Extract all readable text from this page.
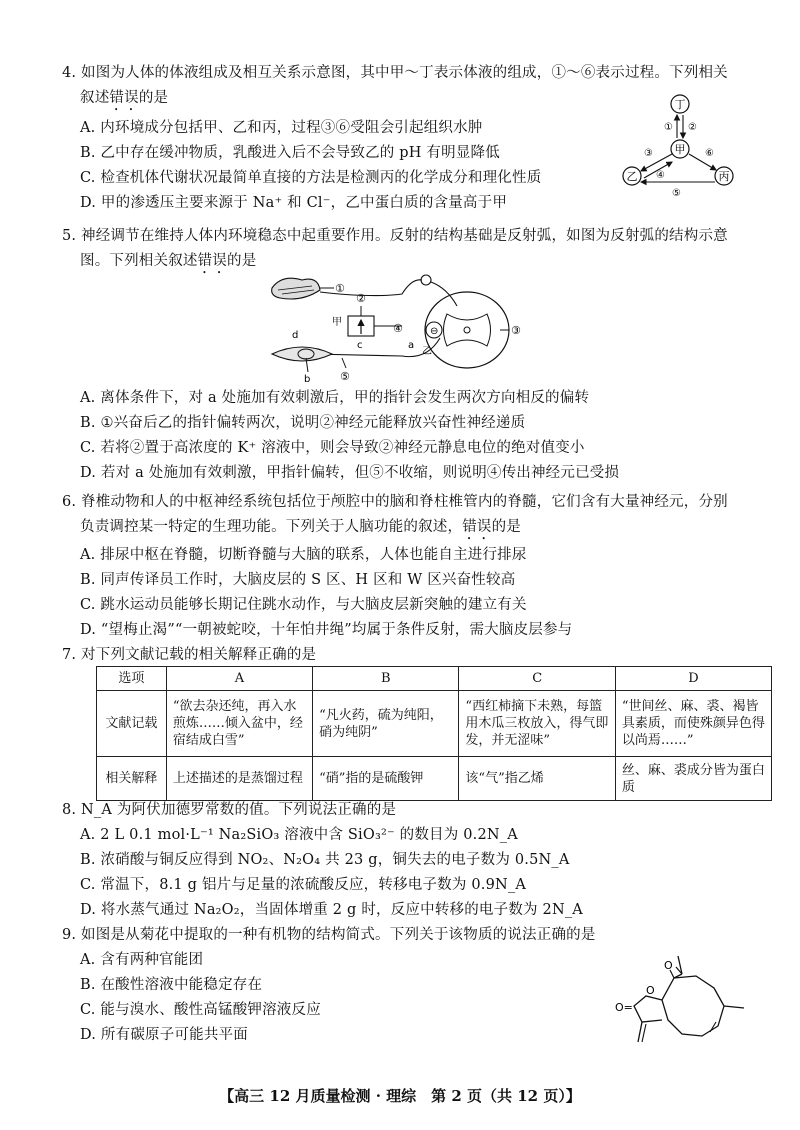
4. 如图为人体的体液组成及相互关系示意图，其中甲～丁表示体液的组成，①～⑥表示过程。下列相关
叙述错误的是
A. 内环境成分包括甲、乙和丙，过程③⑥受阻会引起组织水肿
B. 乙中存在缓冲物质，乳酸进入后不会导致乙的 pH 有明显降低
C. 检查机体代谢状况最简单直接的方法是检测丙的化学成分和理化性质
D. 甲的渗透压主要来源于 Na⁺ 和 Cl⁻，乙中蛋白质的含量高于甲
丁
甲
乙	丙
① ②
③
④
⑥
⑤
5. 神经调节在维持人体内环境稳态中起重要作用。反射的结构基础是反射弧，如图为反射弧的结构示意
图。下列相关叙述错误的是
①
③
⊖
乙
甲
②
④
c	a
d
b	⑤
A. 离体条件下，对 a 处施加有效刺激后，甲的指针会发生两次方向相反的偏转
B. ①兴奋后乙的指针偏转两次，说明②神经元能释放兴奋性神经递质
C. 若将②置于高浓度的 K⁺ 溶液中，则会导致②神经元静息电位的绝对值变小
D. 若对 a 处施加有效刺激，甲指针偏转，但⑤不收缩，则说明④传出神经元已受损
6. 脊椎动物和人的中枢神经系统包括位于颅腔中的脑和脊柱椎管内的脊髓，它们含有大量神经元，分别
负责调控某一特定的生理功能。下列关于人脑功能的叙述，错误的是
A. 排尿中枢在脊髓，切断脊髓与大脑的联系，人体也能自主进行排尿
B. 同声传译员工作时，大脑皮层的 S 区、H 区和 W 区兴奋性较高
C. 跳水运动员能够长期记住跳水动作，与大脑皮层新突触的建立有关
D. “望梅止渴”“一朝被蛇咬，十年怕井绳”均属于条件反射，需大脑皮层参与
7. 对下列文献记载的相关解释正确的是
选项	A	B	C	D
文献记载	“欲去杂还纯，再入水煎炼……倾入盆中，经宿结成白雪”	“凡火药，硫为纯阳，硝为纯阴”	“西红柿摘下未熟，每篮用木瓜三枚放入，得气即发，并无涩味”	“世间丝、麻、裘、褐皆具素质，而使殊颜异色得以尚焉……”
相关解释	上述描述的是蒸馏过程	“硝”指的是硫酸钾	该“气”指乙烯	丝、麻、裘成分皆为蛋白质
8. N_A 为阿伏加德罗常数的值。下列说法正确的是
A. 2 L 0.1 mol·L⁻¹ Na₂SiO₃ 溶液中含 SiO₃²⁻ 的数目为 0.2N_A
B. 浓硝酸与铜反应得到 NO₂、N₂O₄ 共 23 g，铜失去的电子数为 0.5N_A
C. 常温下，8.1 g 铝片与足量的浓硫酸反应，转移电子数为 0.9N_A
D. 将水蒸气通过 Na₂O₂，当固体增重 2 g 时，反应中转移的电子数为 2N_A
9. 如图是从菊花中提取的一种有机物的结构简式。下列关于该物质的说法正确的是
A. 含有两种官能团
B. 在酸性溶液中能稳定存在
C. 能与溴水、酸性高锰酸钾溶液反应
D. 所有碳原子可能共平面
O
O
O=
【高三 12 月质量检测 · 理综　第 2 页（共 12 页）】
